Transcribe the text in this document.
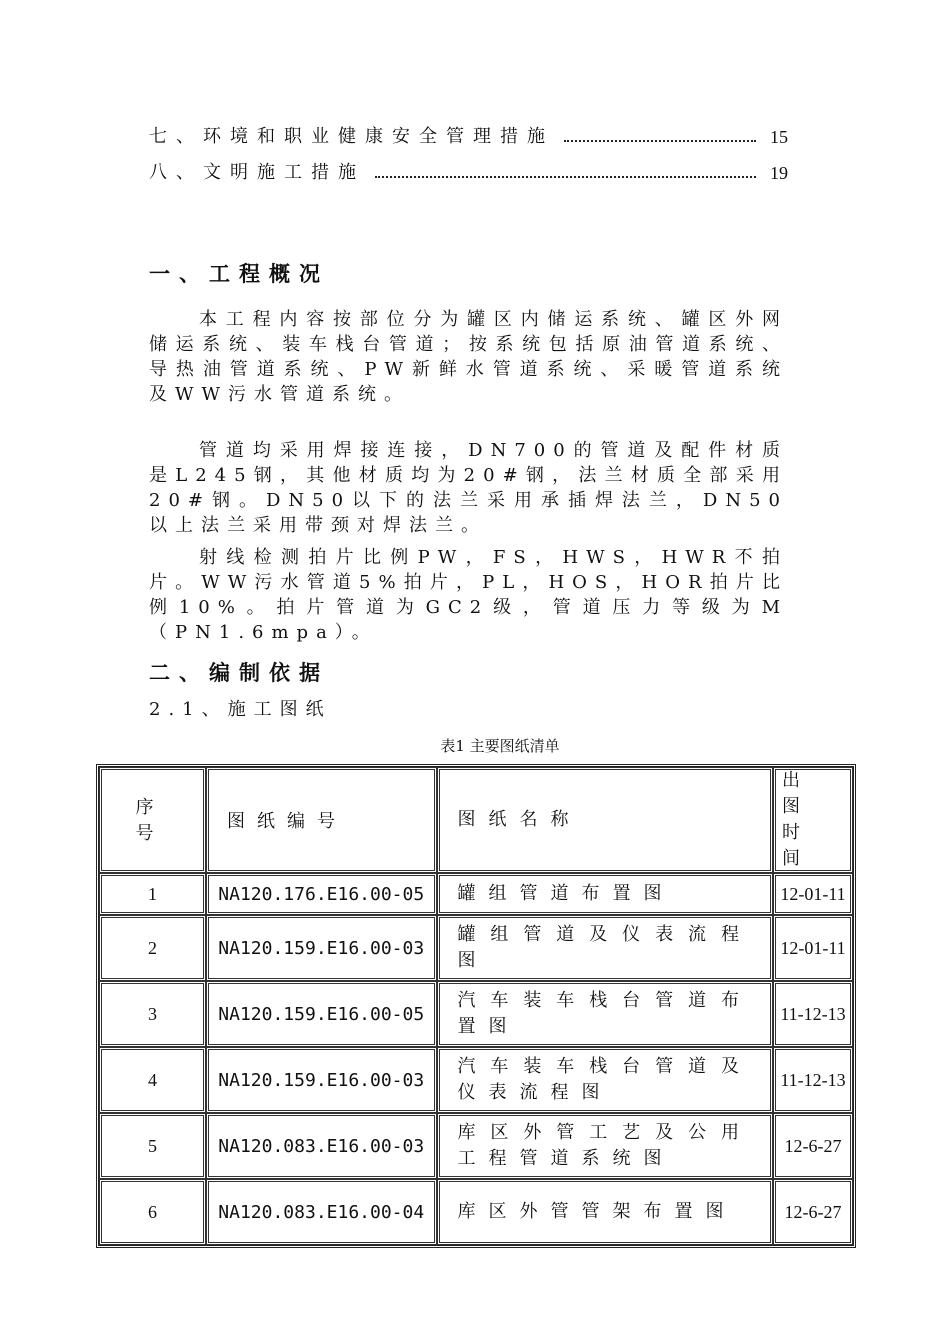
七、环境和职业健康安全管理措施	15
八、文明施工措施	19
一、工程概况

本工程内容按部位分为罐区内储运系统、罐区外网储运系统、装车栈台管道；按系统包括原油管道系统、导热油管道系统、PW新鲜水管道系统、采暖管道系统及WW污水管道系统。

管道均采用焊接连接，DN700的管道及配件材质是L245钢，其他材质均为20#钢，法兰材质全部采用20#钢。DN50以下的法兰采用承插焊法兰，DN50以上法兰采用带颈对焊法兰。

射线检测拍片比例PW，FS，HWS，HWR不拍片。WW污水管道5%拍片，PL，HOS，HOR拍片比例10%。拍片管道为GC2级，管道压力等级为M（PN1.6mpa）。

二、编制依据
2.1、施工图纸
表1 主要图纸清单
序号	图纸编号	图纸名称	出图时间

1	NA120.176.E16.00-05	罐组管道布置图	12-01-11
2	NA120.159.E16.00-03	罐组管道及仪表流程图	12-01-11
3	NA120.159.E16.00-05	汽车装车栈台管道布置图	11-12-13
4	NA120.159.E16.00-03	汽车装车栈台管道及仪表流程图	11-12-13
5	NA120.083.E16.00-03	库区外管工艺及公用工程管道系统图	12-6-27
6	NA120.083.E16.00-04	库区外管管架布置图	12-6-27
